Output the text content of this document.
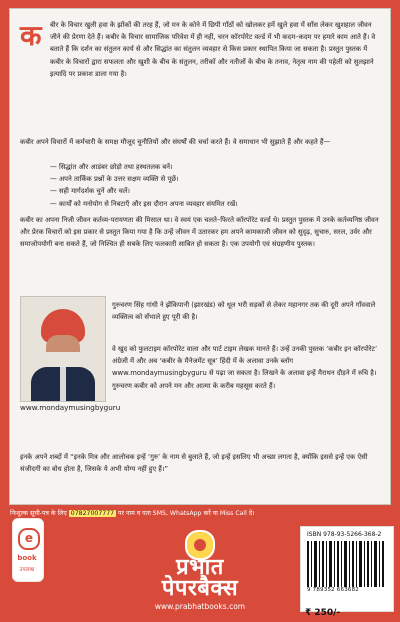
क	बीर के विचार खुली हवा के झोंकों की तरह हैं, जो मन के कोने में छिपी गाँठों को खोलकर हमें खुले हवा में साँस लेकर खुशहाल जीवन जीने की प्रेरणा देते हैं। कबीर के विचार सामाजिक परिवेश में ही नहीं, चरन कॉरपोरेट वर्ल्ड में भी कदम–कदम पर हमारे काम आते हैं। वे बताते हैं कि दर्शन का संतुलन कार्य से और सिद्धांत का संतुलन व्यवहार से किस प्रकार स्थापित किया जा सकता है। प्रस्तुत पुस्तक में कबीर के विचारों द्वारा सफलता और खुशी के बीच के संतुलन, तरीकों और नतीजों के बीच के तनाव, नेतृत्व नाम की पहेली को सुलझाने इत्यादि पर प्रकाश डाला गया है।
कबीर अपने विचारों में कर्मचारी के समक्ष मौजूद चुनौतियों और संघर्षों की चर्चा करते हैं। वे समाधान भी सुझाते हैं और कहते हैं—
— सिद्धांत और आडंबर छोड़ो तथा हस्थतलक बनें।
— अपने तार्किक प्रश्नों के उत्तर सक्षम व्यक्ति से पूछें।
— सही मार्गदर्शक चुनें और चलें।
— कार्यों को मनोयोग से निबटाएँ और इस दौरान अपना व्यवहार संयमित रखें।
कबीर का अपना निजी जीवन कर्तव्य-परायणता की मिसाल था। वे स्वयं एक चलते–फिरते कॉरपोरेट वर्ल्ड थे। प्रस्तुत पुस्तक में उनके कर्तव्यनिष्ठ जीवन और प्रेरक विचारों को इस प्रकार से प्रस्तुत किया गया है कि उन्हें जीवन में उतारकर हम अपने कामकाजी जीवन को सुदृढ़, सुचारु, सरल, उर्वर और समाजोपयोगी बना सकते हैं, जो निश्चित ही सबके लिए फलकारी साबित हो सकता है। एक उपयोगी एवं संग्रहणीय पुस्तक।
गुरुचरण सिंह गांधी ने झेंकिपानी (झारखंड) को धूल भरी सड़कों से लेकर महानगर तक की दूरी अपने गाँववाले व्यक्तित्व को सँभाले हुए पूरी की है।
वे खुद को फुलटाइम कॉरपोरेट वाला और पार्ट टाइम लेखक मानते हैं। उन्हें उनकी पुस्तक ‘कबीर इन कॉरपोरेट’ अंग्रेजी में और अब ‘कबीर के मैनेजमेंट सूत्र’ हिंदी में के अलावा उनके ब्लॉग www.mondaymusingbyguru से पढ़ा जा सकता है। लिखने के अलावा इन्हें मैराथन दौड़ने में रुचि है। गुरुचरण कबीर को अपने मन और आत्मा के करीब महसूस करते हैं।
www.mondaymusingbyguru
इनके अपने शब्दों में “इनके मित्र और आलोचक इन्हें ‘गुरु’ के नाम से बुलाते हैं, जो इन्हें इसलिए भी अच्छा लगता है, क्योंकि इससे इन्हें एक ऐसी संजीदगी का बोध होता है, जिसके ये अभी योग्य नहीं हुए हैं।”
निःशुल्क सूची-पत्र के लिए 07827007777 पर नाम व पता SMS, WhatsApp करें या Miss Call दें।
e
book
उपलब्ध	प्रभात
पेपरबैक्स
www.prabhatbooks.com
ISBN 978-93-5266-368-2
9 789352 663682
₹ 250/-
